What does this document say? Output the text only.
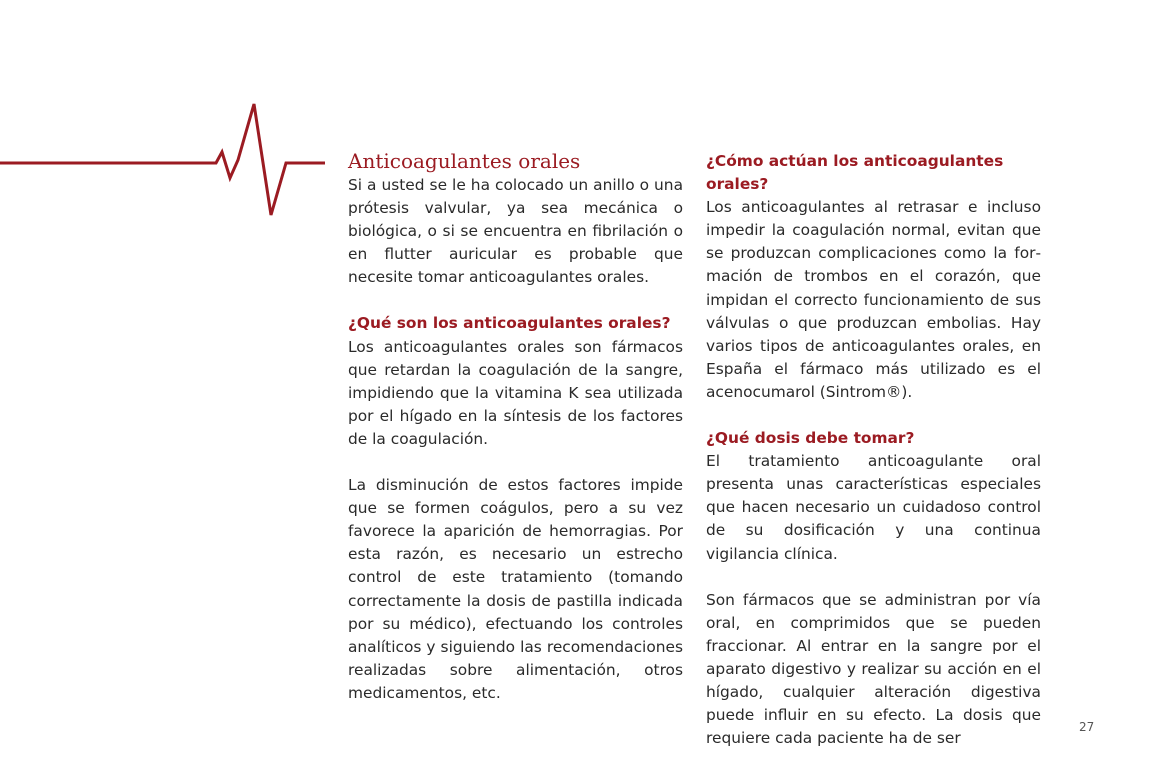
Anticoagulantes orales

Si a usted se le ha colocado un anillo o una prótesis valvular, ya sea mecánica o biológica, o si se encuentra en fibrilación o en flutter auricular es probable que necesite tomar anticoagulantes orales.

¿Qué son los anticoagulantes orales?

Los anticoagulantes orales son fármacos que retardan la coagulación de la sangre, impidiendo que la vitamina K sea utilizada por el hígado en la síntesis de los factores de la coagulación.

La disminución de estos factores impide que se formen coágulos, pero a su vez favorece la aparición de hemorragias. Por esta razón, es necesario un estrecho control de este tratamiento (tomando correctamente la dosis de pastilla indicada por su médico), efectuando los controles analíticos y siguiendo las recomendaciones realizadas sobre alimentación, otros medicamentos, etc.

¿Cómo actúan los anticoagulantes orales?

Los anticoagulantes al retrasar e incluso impedir la coagulación normal, evitan que se produzcan complicaciones como la formación de trombos en el corazón, que impidan el correcto funcionamiento de sus válvulas o que produzcan embolias. Hay varios tipos de anticoagulantes orales, en España el fármaco más utilizado es el acenocumarol (Sintrom®).

¿Qué dosis debe tomar?

El tratamiento anticoagulante oral presenta unas características especiales que hacen necesario un cuidadoso control de su dosificación y una continua vigilancia clínica.

Son fármacos que se administran por vía oral, en comprimidos que se pueden fraccionar. Al entrar en la sangre por el aparato digestivo y realizar su acción en el hígado, cualquier alteración digestiva puede influir en su efecto. La dosis que requiere cada paciente ha de ser

27
